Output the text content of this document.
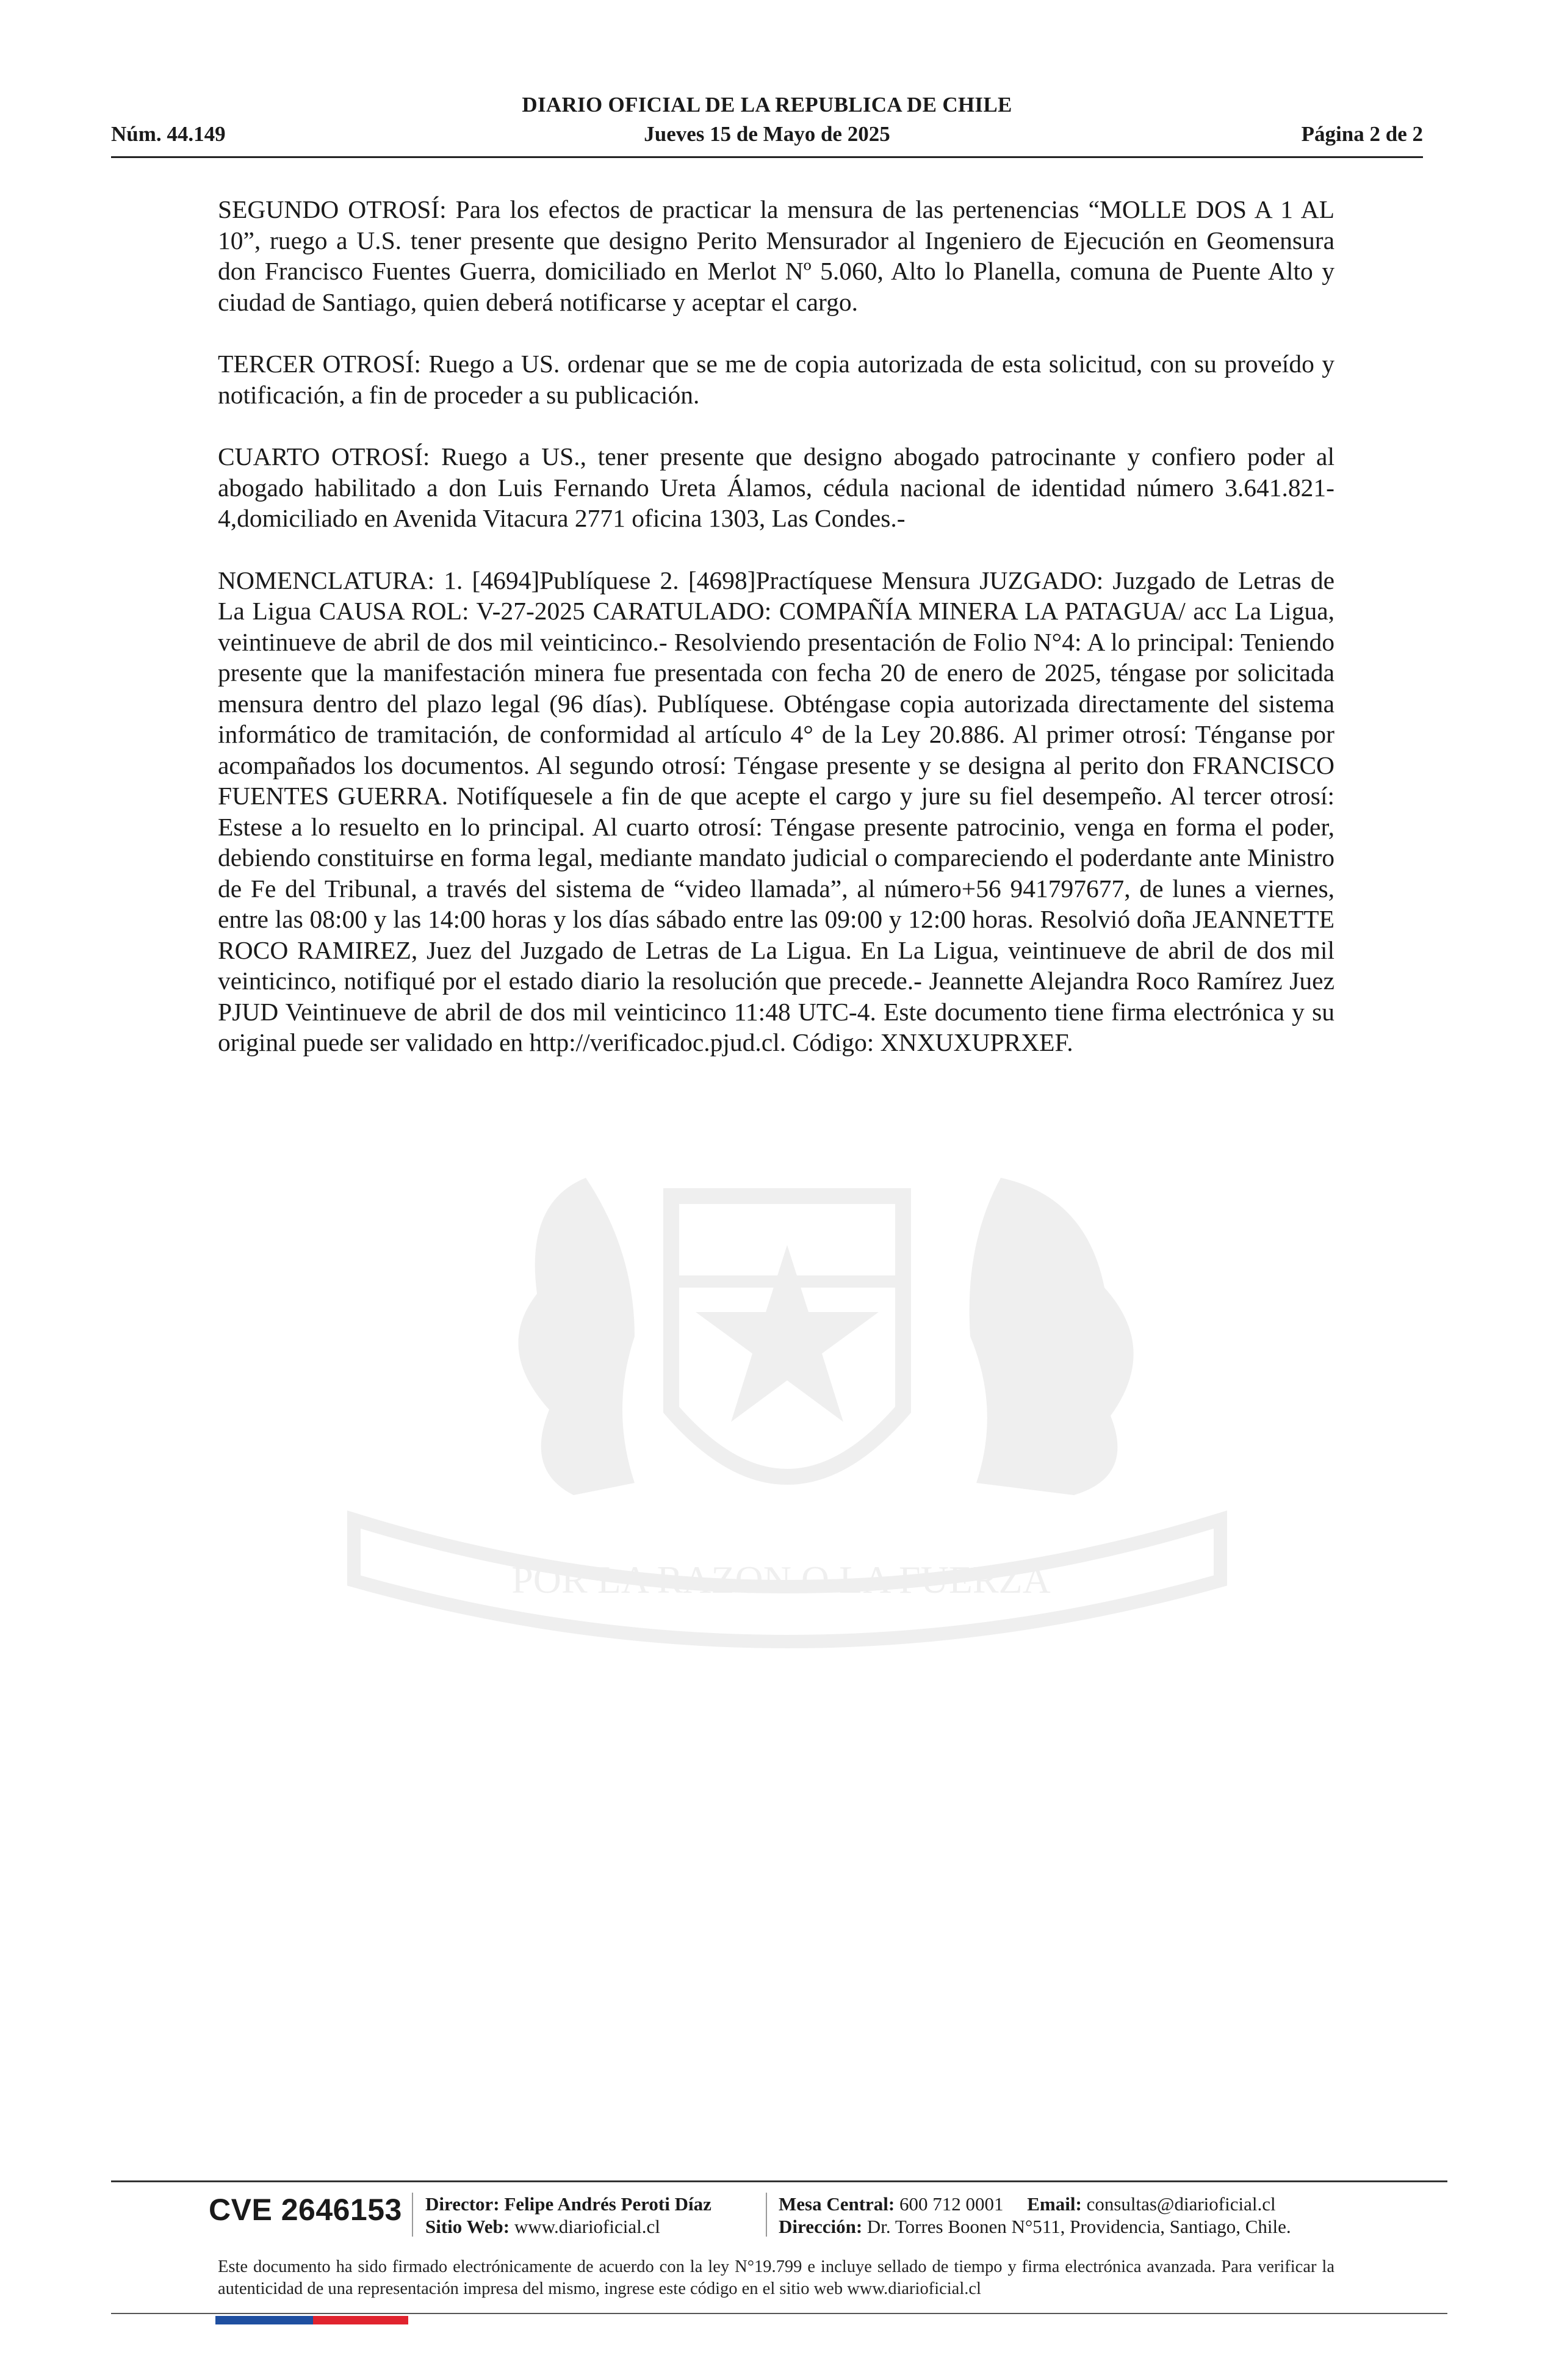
DIARIO OFICIAL DE LA REPUBLICA DE CHILE
Núm. 44.149	Jueves 15 de Mayo de 2025	Página 2 de 2
POR LA RAZON O LA FUERZA

SEGUNDO OTROSÍ: Para los efectos de practicar la mensura de las pertenencias “MOLLE DOS A 1 AL 10”, ruego a U.S. tener presente que designo Perito Mensurador al Ingeniero de Ejecución en Geomensura don Francisco Fuentes Guerra, domiciliado en Merlot Nº 5.060, Alto lo Planella, comuna de Puente Alto y ciudad de Santiago, quien deberá notificarse y aceptar el cargo.

TERCER OTROSÍ: Ruego a US. ordenar que se me de copia autorizada de esta solicitud, con su proveído y notificación, a fin de proceder a su publicación.

CUARTO OTROSÍ: Ruego a US., tener presente que designo abogado patrocinante y confiero poder al abogado habilitado a don Luis Fernando Ureta Álamos, cédula nacional de identidad número 3.641.821-4,domiciliado en Avenida Vitacura 2771 oficina 1303, Las Condes.-

NOMENCLATURA: 1. [4694]Publíquese 2. [4698]Practíquese Mensura JUZGADO: Juzgado de Letras de La Ligua CAUSA ROL: V-27-2025 CARATULADO: COMPAÑÍA MINERA LA PATAGUA/ acc La Ligua, veintinueve de abril de dos mil veinticinco.- Resolviendo presentación de Folio N°4: A lo principal: Teniendo presente que la manifestación minera fue presentada con fecha 20 de enero de 2025, téngase por solicitada mensura dentro del plazo legal (96 días). Publíquese. Obténgase copia autorizada directamente del sistema informático de tramitación, de conformidad al artículo 4° de la Ley 20.886. Al primer otrosí: Ténganse por acompañados los documentos. Al segundo otrosí: Téngase presente y se designa al perito don FRANCISCO FUENTES GUERRA. Notifíquesele a fin de que acepte el cargo y jure su fiel desempeño. Al tercer otrosí: Estese a lo resuelto en lo principal. Al cuarto otrosí: Téngase presente patrocinio, venga en forma el poder, debiendo constituirse en forma legal, mediante mandato judicial o compareciendo el poderdante ante Ministro de Fe del Tribunal, a través del sistema de “video llamada”, al número+56 941797677, de lunes a viernes, entre las 08:00 y las 14:00 horas y los días sábado entre las 09:00 y 12:00 horas. Resolvió doña JEANNETTE ROCO RAMIREZ, Juez del Juzgado de Letras de La Ligua. En La Ligua, veintinueve de abril de dos mil veinticinco, notifiqué por el estado diario la resolución que precede.- Jeannette Alejandra Roco Ramírez Juez PJUD Veintinueve de abril de dos mil veinticinco 11:48 UTC-4. Este documento tiene firma electrónica y su original puede ser validado en http://verificadoc.pjud.cl. Código: XNXUXUPRXEF.

CVE 2646153 Director: Felipe Andrés Peroti Díaz
Sitio Web: www.diarioficial.cl
Mesa Central: 600 712 0001 Email: consultas@diarioficial.cl
Dirección: Dr. Torres Boonen N°511, Providencia, Santiago, Chile.
Este documento ha sido firmado electrónicamente de acuerdo con la ley N°19.799 e incluye sellado de tiempo y firma electrónica avanzada. Para verificar la autenticidad de una representación impresa del mismo, ingrese este código en el sitio web www.diarioficial.cl
